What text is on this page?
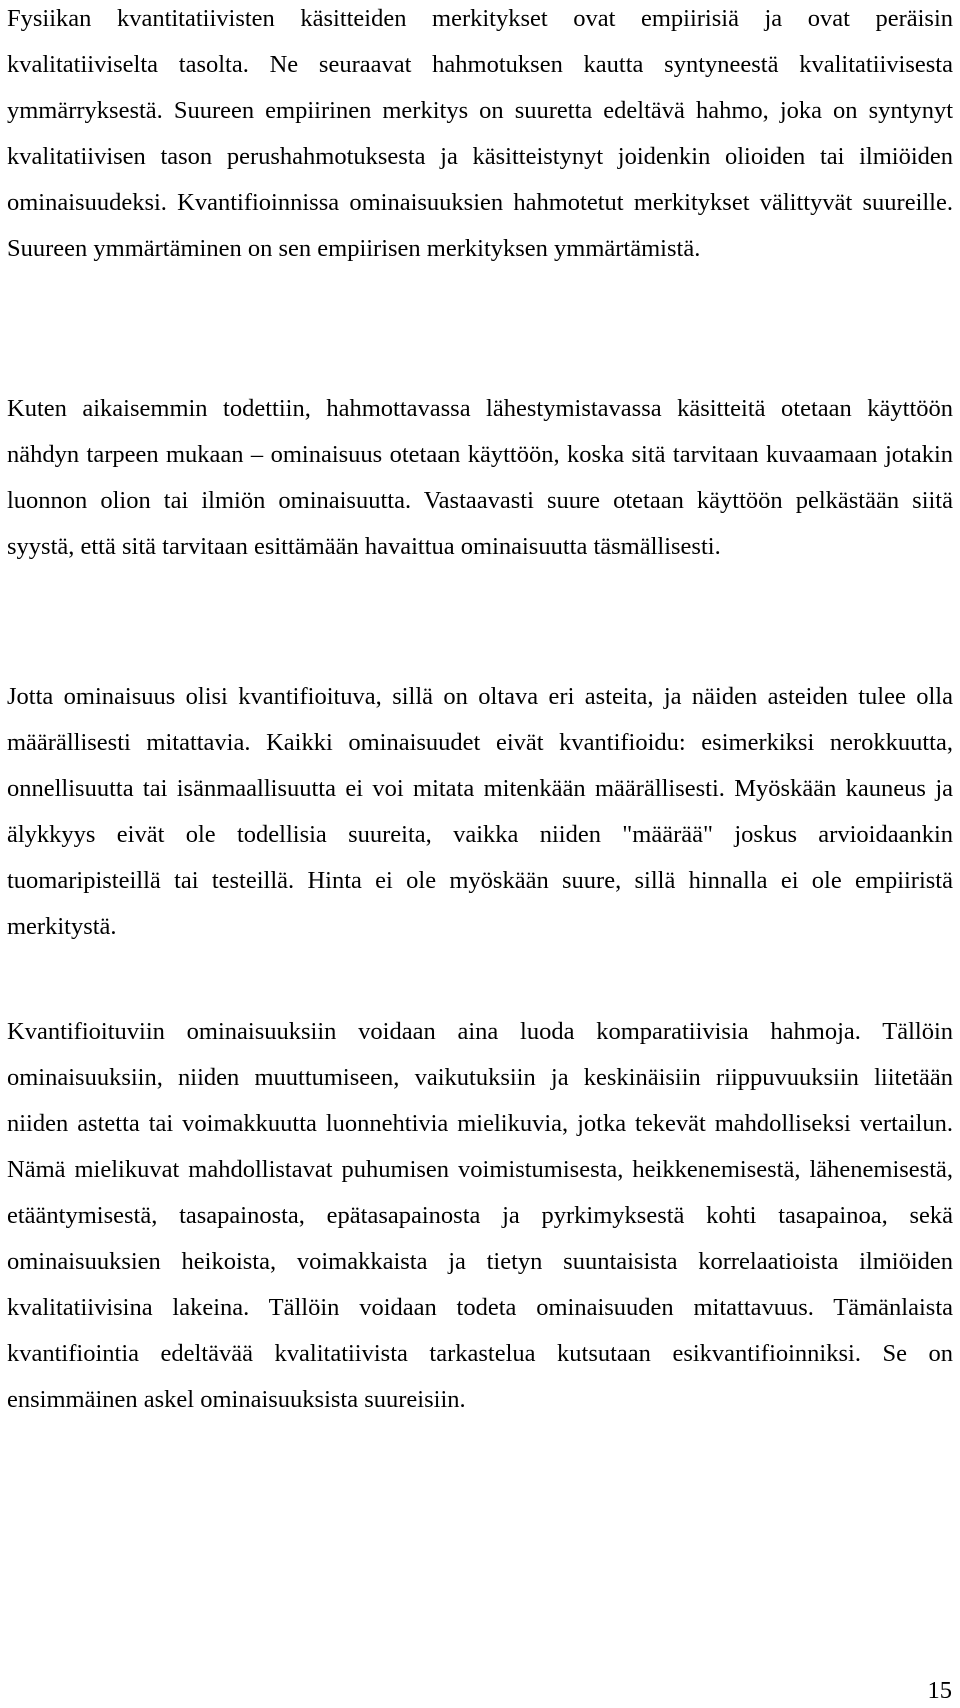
Fysiikan kvantitatiivisten käsitteiden merkitykset ovat empiirisiä ja ovat peräisin kvalitatiiviselta tasolta. Ne seuraavat hahmotuksen kautta syntyneestä kvalitatiivisesta ymmärryksestä. Suureen empiirinen merkitys on suuretta edeltävä hahmo, joka on syntynyt kvalitatiivisen tason perushahmotuksesta ja käsitteistynyt joidenkin olioiden tai ilmiöiden ominaisuudeksi. Kvantifioinnissa ominaisuuksien hahmotetut merkitykset välittyvät suureille. Suureen ymmärtäminen on sen empiirisen merkityksen ymmärtämistä.

Kuten aikaisemmin todettiin, hahmottavassa lähestymistavassa käsitteitä otetaan käyttöön nähdyn tarpeen mukaan – ominaisuus otetaan käyttöön, koska sitä tarvitaan kuvaamaan jotakin luonnon olion tai ilmiön ominaisuutta. Vastaavasti suure otetaan käyttöön pelkästään siitä syystä, että sitä tarvitaan esittämään havaittua ominaisuutta täsmällisesti.

Jotta ominaisuus olisi kvantifioituva, sillä on oltava eri asteita, ja näiden asteiden tulee olla määrällisesti mitattavia. Kaikki ominaisuudet eivät kvantifioidu: esimerkiksi nerokkuutta, onnellisuutta tai isänmaallisuutta ei voi mitata mitenkään määrällisesti. Myöskään kauneus ja älykkyys eivät ole todellisia suureita, vaikka niiden "määrää" joskus arvioidaankin tuomaripisteillä tai testeillä. Hinta ei ole myöskään suure, sillä hinnalla ei ole empiiristä merkitystä.

Kvantifioituviin ominaisuuksiin voidaan aina luoda komparatiivisia hahmoja. Tällöin ominaisuuksiin, niiden muuttumiseen, vaikutuksiin ja keskinäisiin riippuvuuksiin liitetään niiden astetta tai voimakkuutta luonnehtivia mielikuvia, jotka tekevät mahdolliseksi vertailun. Nämä mielikuvat mahdollistavat puhumisen voimistumisesta, heikkenemisestä, lähenemisestä, etääntymisestä, tasapainosta, epätasapainosta ja pyrkimyksestä kohti tasapainoa, sekä ominaisuuksien heikoista, voimakkaista ja tietyn suuntaisista korrelaatioista ilmiöiden kvalitatiivisina lakeina. Tällöin voidaan todeta ominaisuuden mitattavuus. Tämänlaista kvantifiointia edeltävää kvalitatiivista tarkastelua kutsutaan esikvantifioinniksi. Se on ensimmäinen askel ominaisuuksista suureisiin.

15
